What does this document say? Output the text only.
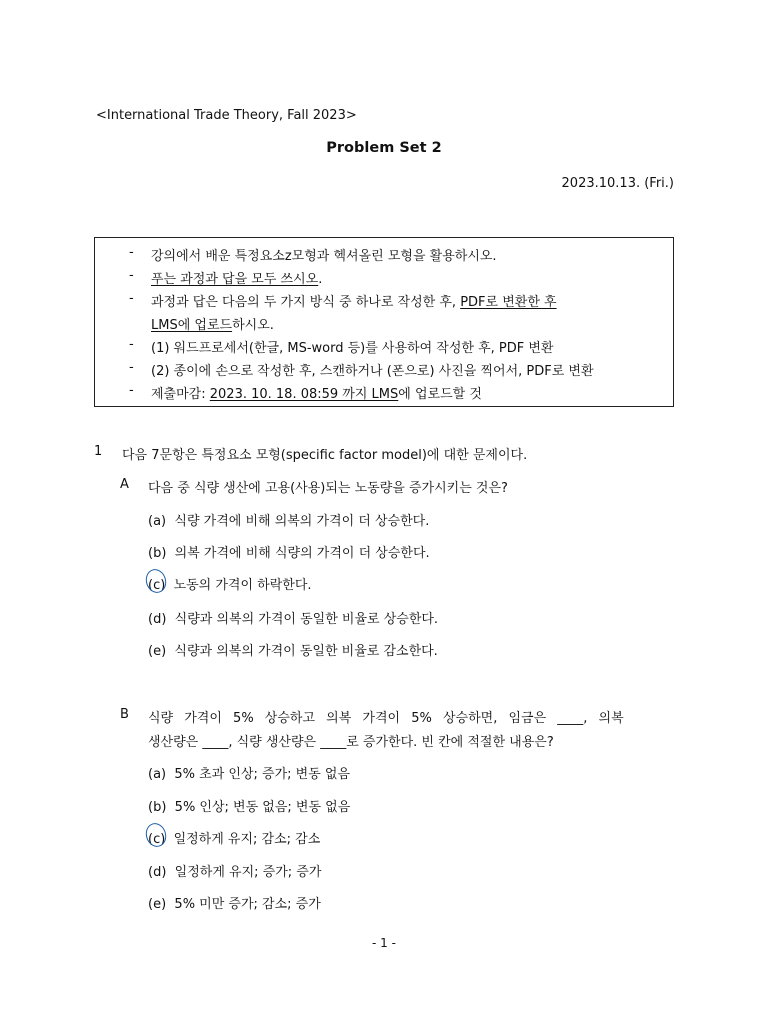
<International Trade Theory, Fall 2023>
Problem Set 2
2023.10.13. (Fri.)
- 강의에서 배운 특정요소z모형과 헥셔올린 모형을 활용하시오.
- 푸는 과정과 답을 모두 쓰시오.
- 과정과 답은 다음의 두 가지 방식 중 하나로 작성한 후, PDF로 변환한 후
LMS에 업로드하시오.
- (1) 워드프로세서(한글, MS-word 등)를 사용하여 작성한 후, PDF 변환
- (2) 종이에 손으로 작성한 후, 스캔하거나 (폰으로) 사진을 찍어서, PDF로 변환
- 제출마감: 2023. 10. 18. 08:59 까지 LMS에 업로드할 것
1 다음 7문항은 특정요소 모형(specific factor model)에 대한 문제이다.
A 다음 중 식량 생산에 고용(사용)되는 노동량을 증가시키는 것은?
(a) 식량 가격에 비해 의복의 가격이 더 상승한다.
(b) 의복 가격에 비해 식량의 가격이 더 상승한다.
(c) 노동의 가격이 하락한다.
(d) 식량과 의복의 가격이 동일한 비율로 상승한다.
(e) 식량과 의복의 가격이 동일한 비율로 감소한다.
B 식량 가격이 5% 상승하고 의복 가격이 5% 상승하면, 임금은 ____, 의복
생산량은 ____, 식량 생산량은 ____로 증가한다. 빈 칸에 적절한 내용은?
(a) 5% 초과 인상; 증가; 변동 없음
(b) 5% 인상; 변동 없음; 변동 없음
(c) 일정하게 유지; 감소; 감소
(d) 일정하게 유지; 증가; 증가
(e) 5% 미만 증가; 감소; 증가
- 1 -
